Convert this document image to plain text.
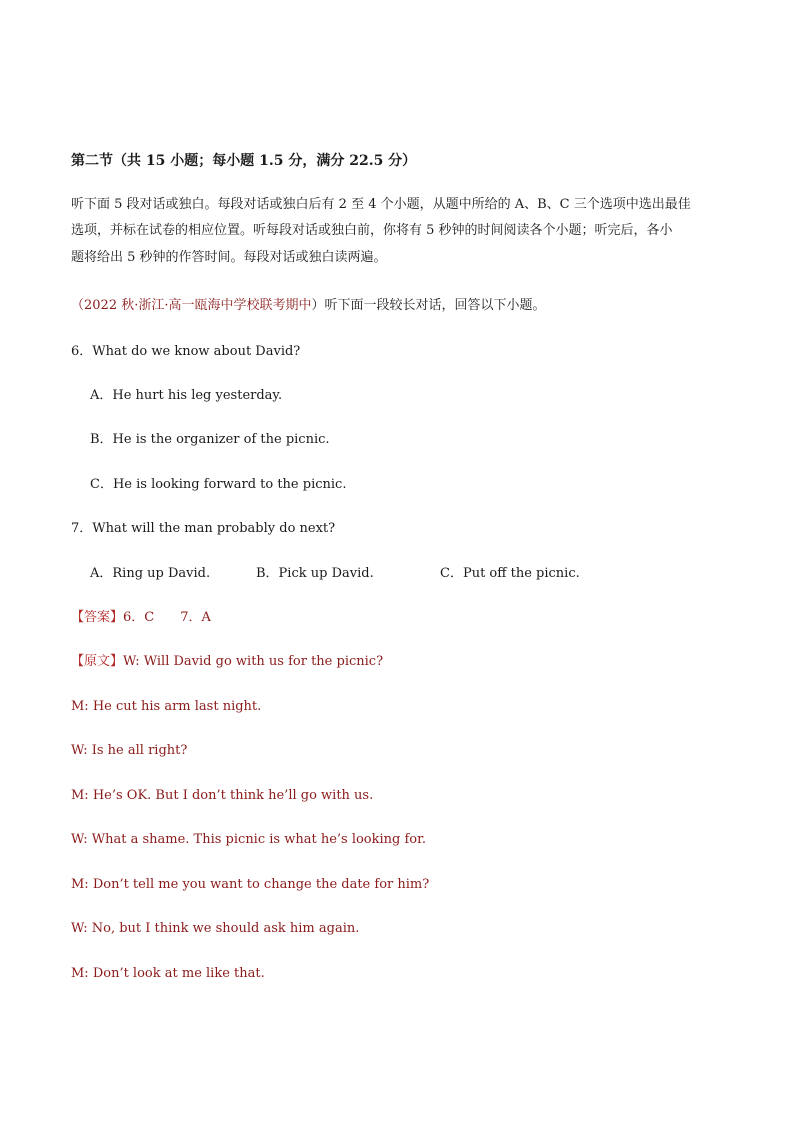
第二节（共 15 小题；每小题 1.5 分，满分 22.5 分）
听下面 5 段对话或独白。每段对话或独白后有 2 至 4 个小题，从题中所给的 A、B、C 三个选项中选出最佳
选项，并标在试卷的相应位置。听每段对话或独白前，你将有 5 秒钟的时间阅读各个小题；听完后，各小
题将给出 5 秒钟的作答时间。每段对话或独白读两遍。
（2022 秋·浙江·高一瓯海中学校联考期中）听下面一段较长对话，回答以下小题。
6．What do we know about David?
A．He hurt his leg yesterday.
B．He is the organizer of the picnic.
C．He is looking forward to the picnic.
7．What will the man probably do next?
A．Ring up David.	B．Pick up David.	C．Put off the picnic.
【答案】6．C　　7．A
【原文】W: Will David go with us for the picnic?
M: He cut his arm last night.
W: Is he all right?
M: He’s OK. But I don’t think he’ll go with us.
W: What a shame. This picnic is what he’s looking for.
M: Don’t tell me you want to change the date for him?
W: No, but I think we should ask him again.
M: Don’t look at me like that.
